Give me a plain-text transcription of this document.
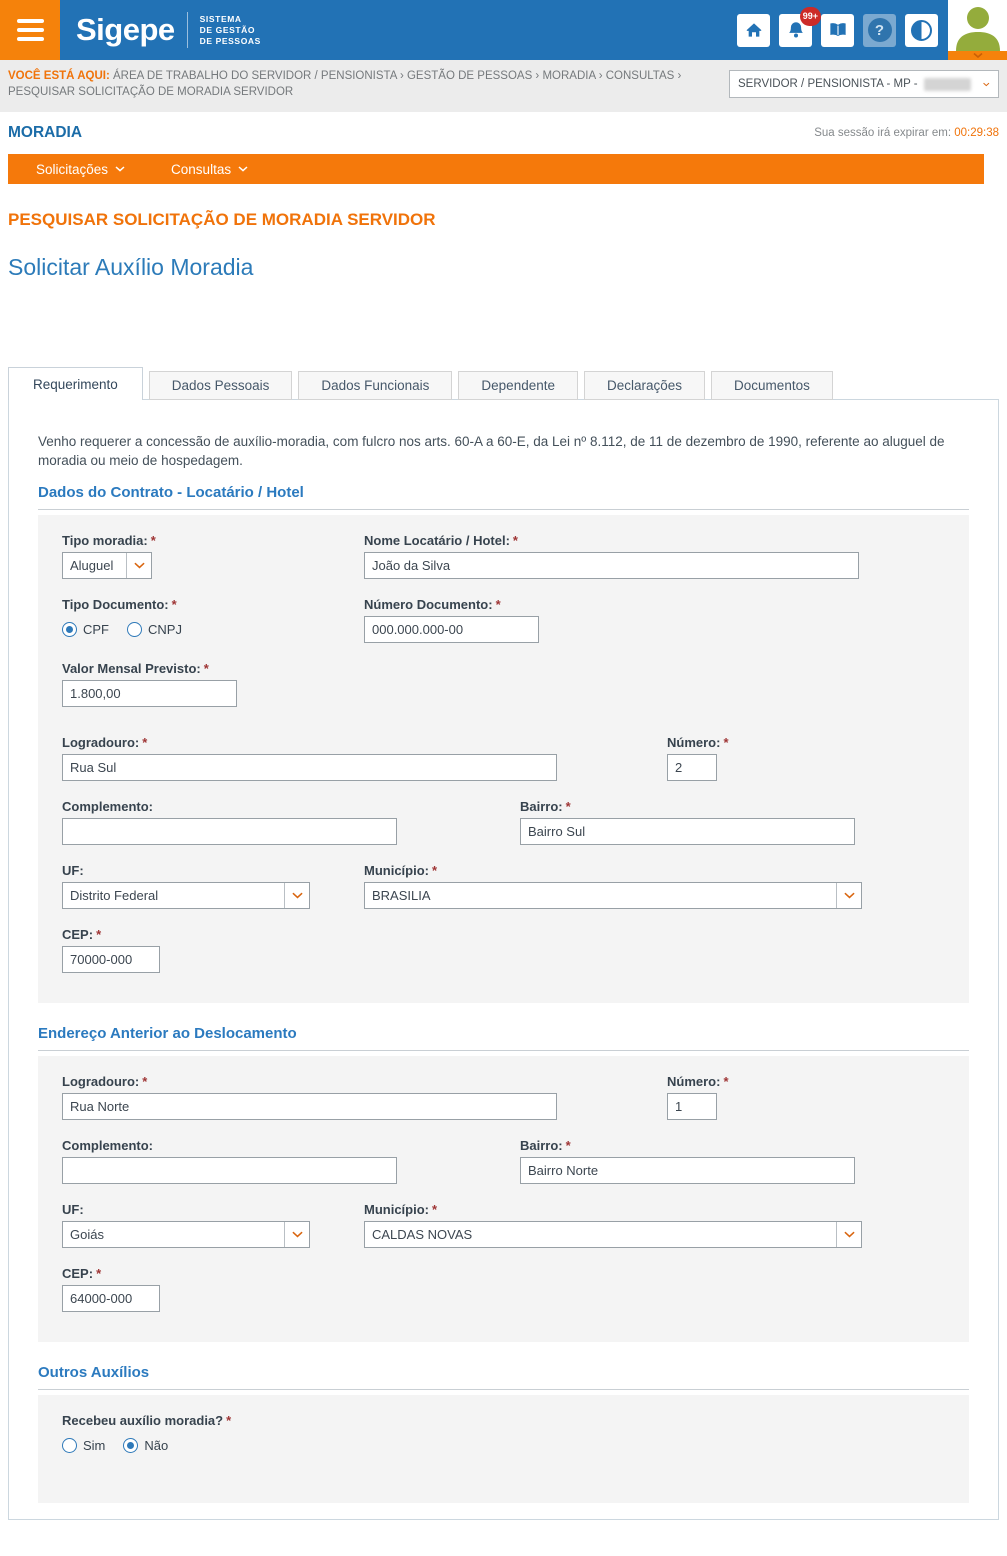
Sigepe	SISTEMA
DE GESTÃO
DE PESSOAS
99+
?
VOCÊ ESTÁ AQUI: ÁREA DE TRABALHO DO SERVIDOR / PENSIONISTA › GESTÃO DE PESSOAS › MORADIA › CONSULTAS ›
PESQUISAR SOLICITAÇÃO DE MORADIA SERVIDOR
SERVIDOR / PENSIONISTA - MP -
MORADIA	Sua sessão irá expirar em: 00:29:38
Solicitações	Consultas
PESQUISAR SOLICITAÇÃO DE MORADIA SERVIDOR
Solicitar Auxílio Moradia
Requerimento	Dados Pessoais	Dados Funcionais	Dependente	Declarações	Documentos

Venho requerer a concessão de auxílio-moradia, com fulcro nos arts. 60-A a 60-E, da Lei nº 8.112, de 11 de dezembro de 1990, referente ao aluguel de moradia ou meio de hospedagem.

Dados do Contrato - Locatário / Hotel
Tipo moradia: *
Aluguel
Nome Locatário / Hotel: *
João da Silva
Tipo Documento: *
CPF	CNPJ
Número Documento: *
000.000.000-00
Valor Mensal Previsto: *
1.800,00
Logradouro: *
Rua Sul	Número: *
2
Complemento:	Bairro: *
Bairro Sul
UF:
Distrito Federal
Município: *
BRASILIA
CEP: *
70000-000
Endereço Anterior ao Deslocamento
Logradouro: *
Rua Norte	Número: *
1
Complemento:	Bairro: *
Bairro Norte
UF:
Goiás
Município: *
CALDAS NOVAS
CEP: *
64000-000
Outros Auxílios
Recebeu auxílio moradia? *
Sim	Não
